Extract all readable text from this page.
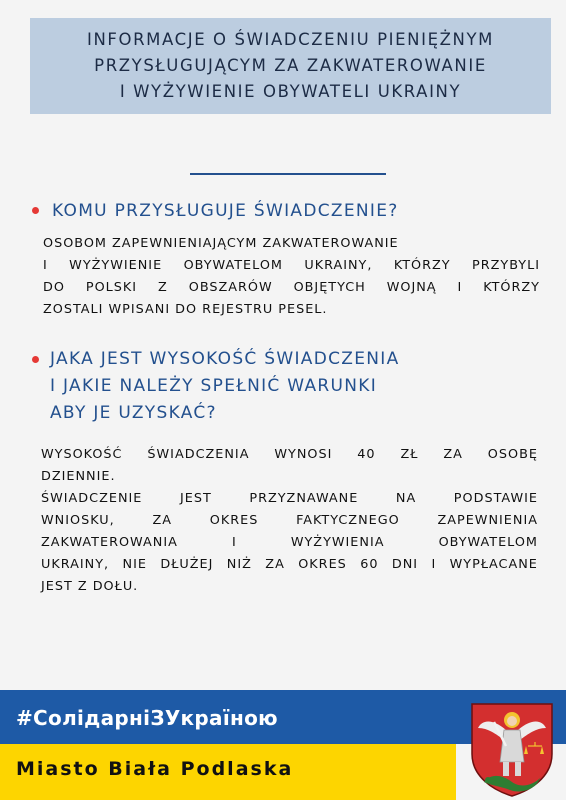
INFORMACJE O ŚWIADCZENIU PIENIĘŻNYM
PRZYSŁUGUJĄCYM ZA ZAKWATEROWANIE
I WYŻYWIENIE OBYWATELI UKRAINY
KOMU PRZYSŁUGUJE ŚWIADCZENIE?
OSOBOM ZAPEWNIENIAJĄCYM ZAKWATEROWANIE
I WYŻYWIENIE OBYWATELOM UKRAINY, KTÓRZY PRZYBYLI
DO POLSKI Z OBSZARÓW OBJĘTYCH WOJNĄ I KTÓRZY
ZOSTALI WPISANI DO REJESTRU PESEL.
JAKA JEST WYSOKOŚĆ ŚWIADCZENIA
I JAKIE NALEŻY SPEŁNIĆ WARUNKI
ABY JE UZYSKAĆ?
WYSOKOŚĆ ŚWIADCZENIA WYNOSI 40 ZŁ ZA OSOBĘ
DZIENNIE.
ŚWIADCZENIE	JEST	PRZYZNAWANE	NA	PODSTAWIE
WNIOSKU,	ZA	OKRES	FAKTYCZNEGO	ZAPEWNIENIA
ZAKWATEROWANIA	I	WYŻYWIENIA	OBYWATELOM
UKRAINY, NIE DŁUŻEJ NIŻ ZA OKRES 60 DNI I WYPŁACANE
JEST Z DOŁU.
#СолідарніЗУкраїною
Miasto Biała Podlaska
